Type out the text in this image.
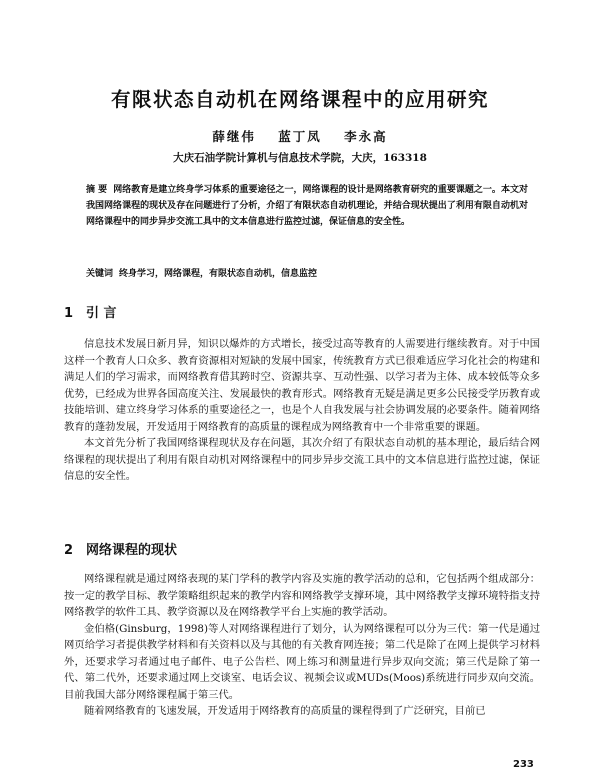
有限状态自动机在网络课程中的应用研究
薛继伟 蓝丁凤 李永高
大庆石油学院计算机与信息技术学院，大庆，163318
摘 要 网络教育是建立终身学习体系的重要途径之一，网络课程的设计是网络教育研究的重要课题之一。本文对我国网络课程的现状及存在问题进行了分析，介绍了有限状态自动机理论，并结合现状提出了利用有限自动机对网络课程中的同步异步交流工具中的文本信息进行监控过滤，保证信息的安全性。
关键词 终身学习，网络课程，有限状态自动机，信息监控
1 引 言

信息技术发展日新月异，知识以爆炸的方式增长，接受过高等教育的人需要进行继续教育。对于中国这样一个教育人口众多、教育资源相对短缺的发展中国家，传统教育方式已很难适应学习化社会的构建和满足人们的学习需求，而网络教育借其跨时空、资源共享、互动性强、以学习者为主体、成本较低等众多优势，已经成为世界各国高度关注、发展最快的教育形式。网络教育无疑是满足更多公民接受学历教育或技能培训、建立终身学习体系的重要途径之一，也是个人自我发展与社会协调发展的必要条件。随着网络教育的蓬勃发展，开发适用于网络教育的高质量的课程成为网络教育中一个非常重要的课题。

本文首先分析了我国网络课程现状及存在问题，其次介绍了有限状态自动机的基本理论，最后结合网络课程的现状提出了利用有限自动机对网络课程中的同步异步交流工具中的文本信息进行监控过滤，保证信息的安全性。

2 网络课程的现状

网络课程就是通过网络表现的某门学科的教学内容及实施的教学活动的总和，它包括两个组成部分：按一定的教学目标、教学策略组织起来的教学内容和网络教学支撑环境，其中网络教学支撑环境特指支持网络教学的软件工具、教学资源以及在网络教学平台上实施的教学活动。

金伯格(Ginsburg，1998)等人对网络课程进行了划分，认为网络课程可以分为三代：第一代是通过网页给学习者提供教学材料和有关资料以及与其他的有关教育网连接；第二代是除了在网上提供学习材料外，还要求学习者通过电子邮件、电子公告栏、网上练习和测量进行异步双向交流；第三代是除了第一代、第二代外，还要求通过网上交谈室、电话会议、视频会议或MUDs(Moos)系统进行同步双向交流。目前我国大部分网络课程属于第三代。

随着网络教育的飞速发展，开发适用于网络教育的高质量的课程得到了广泛研究，目前已

233
